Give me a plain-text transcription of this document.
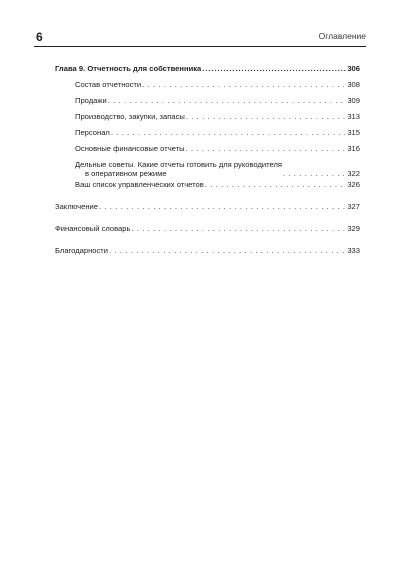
6	Оглавление
Глава 9. Отчетность для собственника .....	306
Состав отчетности . . .	308
Продажи . . .	309
Производство, закупки, запасы . . .	313
Персонал . . .	315
Основные финансовые отчеты . . .	316
Дельные советы. Какие отчеты готовить для руководителя
в оперативном режиме . . .	322
Ваш список управленческих отчетов . . .	326
Заключение . . .	327
Финансовый словарь . . .	329
Благодарности . . .	333
